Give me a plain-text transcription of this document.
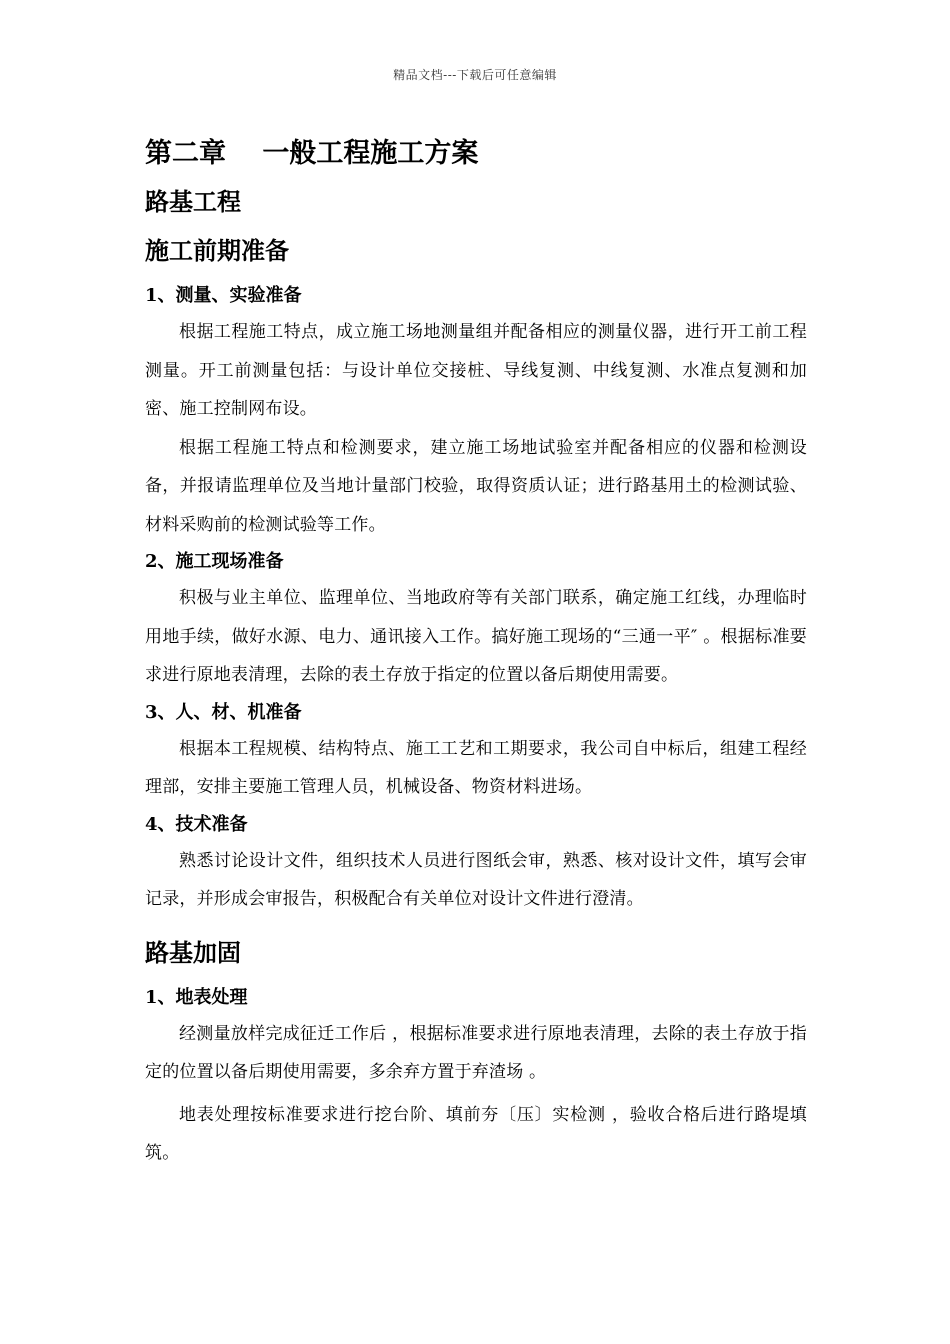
精品文档---下载后可任意编辑
第二章　 一般工程施工方案
路基工程
施工前期准备
1、测量、实验准备

根据工程施工特点，成立施工场地测量组并配备相应的测量仪器，进行开工前工程测量。开工前测量包括：与设计单位交接桩、导线复测、中线复测、水准点复测和加密、施工控制网布设。

根据工程施工特点和检测要求，建立施工场地试验室并配备相应的仪器和检测设备，并报请监理单位及当地计量部门校验，取得资质认证；进行路基用土的检测试验、材料采购前的检测试验等工作。

2、施工现场准备

积极与业主单位、监理单位、当地政府等有关部门联系，确定施工红线，办理临时用地手续，做好水源、电力、通讯接入工作。搞好施工现场的“三通一平″ 。根据标准要求进行原地表清理，去除的表土存放于指定的位置以备后期使用需要。

3、人、材、机准备

根据本工程规模、结构特点、施工工艺和工期要求，我公司自中标后，组建工程经理部，安排主要施工管理人员，机械设备、物资材料进场。

4、技术准备

熟悉讨论设计文件，组织技术人员进行图纸会审，熟悉、核对设计文件，填写会审记录，并形成会审报告，积极配合有关单位对设计文件进行澄清。

路基加固
1、地表处理

经测量放样完成征迁工作后 ，根据标准要求进行原地表清理，去除的表土存放于指定的位置以备后期使用需要，多余弃方置于弃渣场 。

地表处理按标准要求进行挖台阶、填前夯〔压〕实检测 ，验收合格后进行路堤填筑。
